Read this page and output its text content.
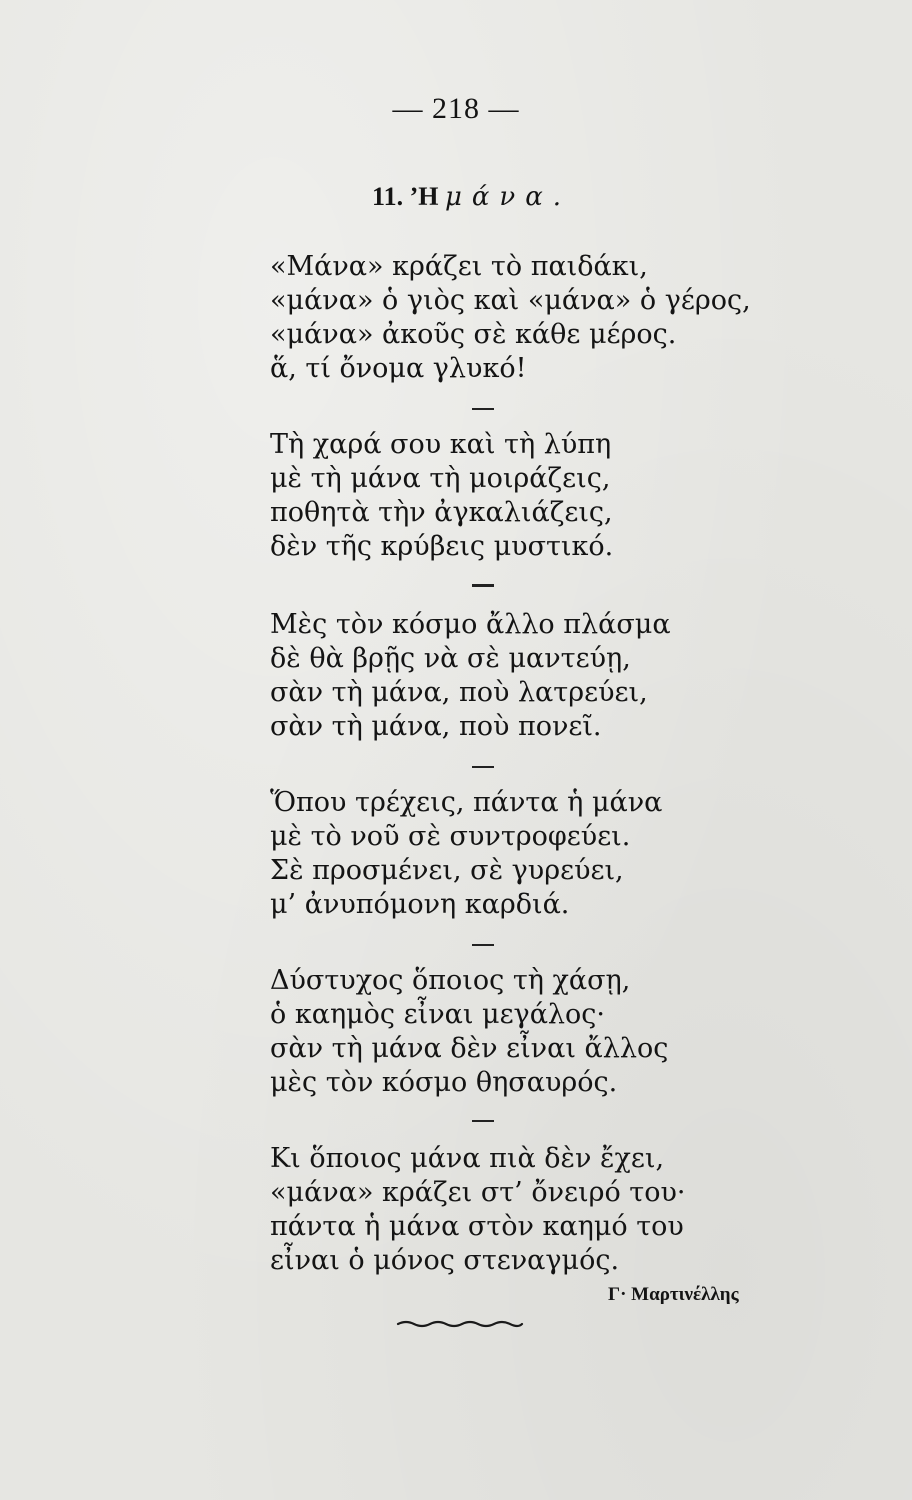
— 218 —
11. ’Η μάνα.
«Μάνα» κράζει τὸ παιδάκι,
«μάνα» ὁ γιὸς καὶ «μάνα» ὁ γέρος,
«μάνα» ἀκοῦς σὲ κάθε μέρος.
ἅ, τί ὄνομα γλυκό!
Τὴ χαρά σου καὶ τὴ λύπη
μὲ τὴ μάνα τὴ μοιράζεις,
ποθητὰ τὴν ἀγκαλιάζεις,
δὲν τῆς κρύβεις μυστικό.
Μὲς τὸν κόσμο ἄλλο πλάσμα
δὲ θὰ βρῇς νὰ σὲ μαντεύῃ,
σὰν τὴ μάνα, ποὺ λατρεύει,
σὰν τὴ μάνα, ποὺ πονεῖ.
Ὅπου τρέχεις, πάντα ἡ μάνα
μὲ τὸ νοῦ σὲ συντροφεύει.
Σὲ προσμένει, σὲ γυρεύει,
μ’ ἀνυπόμονη καρδιά.
Δύστυχος ὅποιος τὴ χάσῃ,
ὁ καημὸς εἶναι μεγάλος·
σὰν τὴ μάνα δὲν εἶναι ἄλλος
μὲς τὸν κόσμο θησαυρός.
Κι ὅποιος μάνα πιὰ δὲν ἔχει,
«μάνα» κράζει στ’ ὄνειρό του·
πάντα ἡ μάνα στὸν καημό του
εἶναι ὁ μόνος στεναγμός.
Γ· Μαρτινέλλης
